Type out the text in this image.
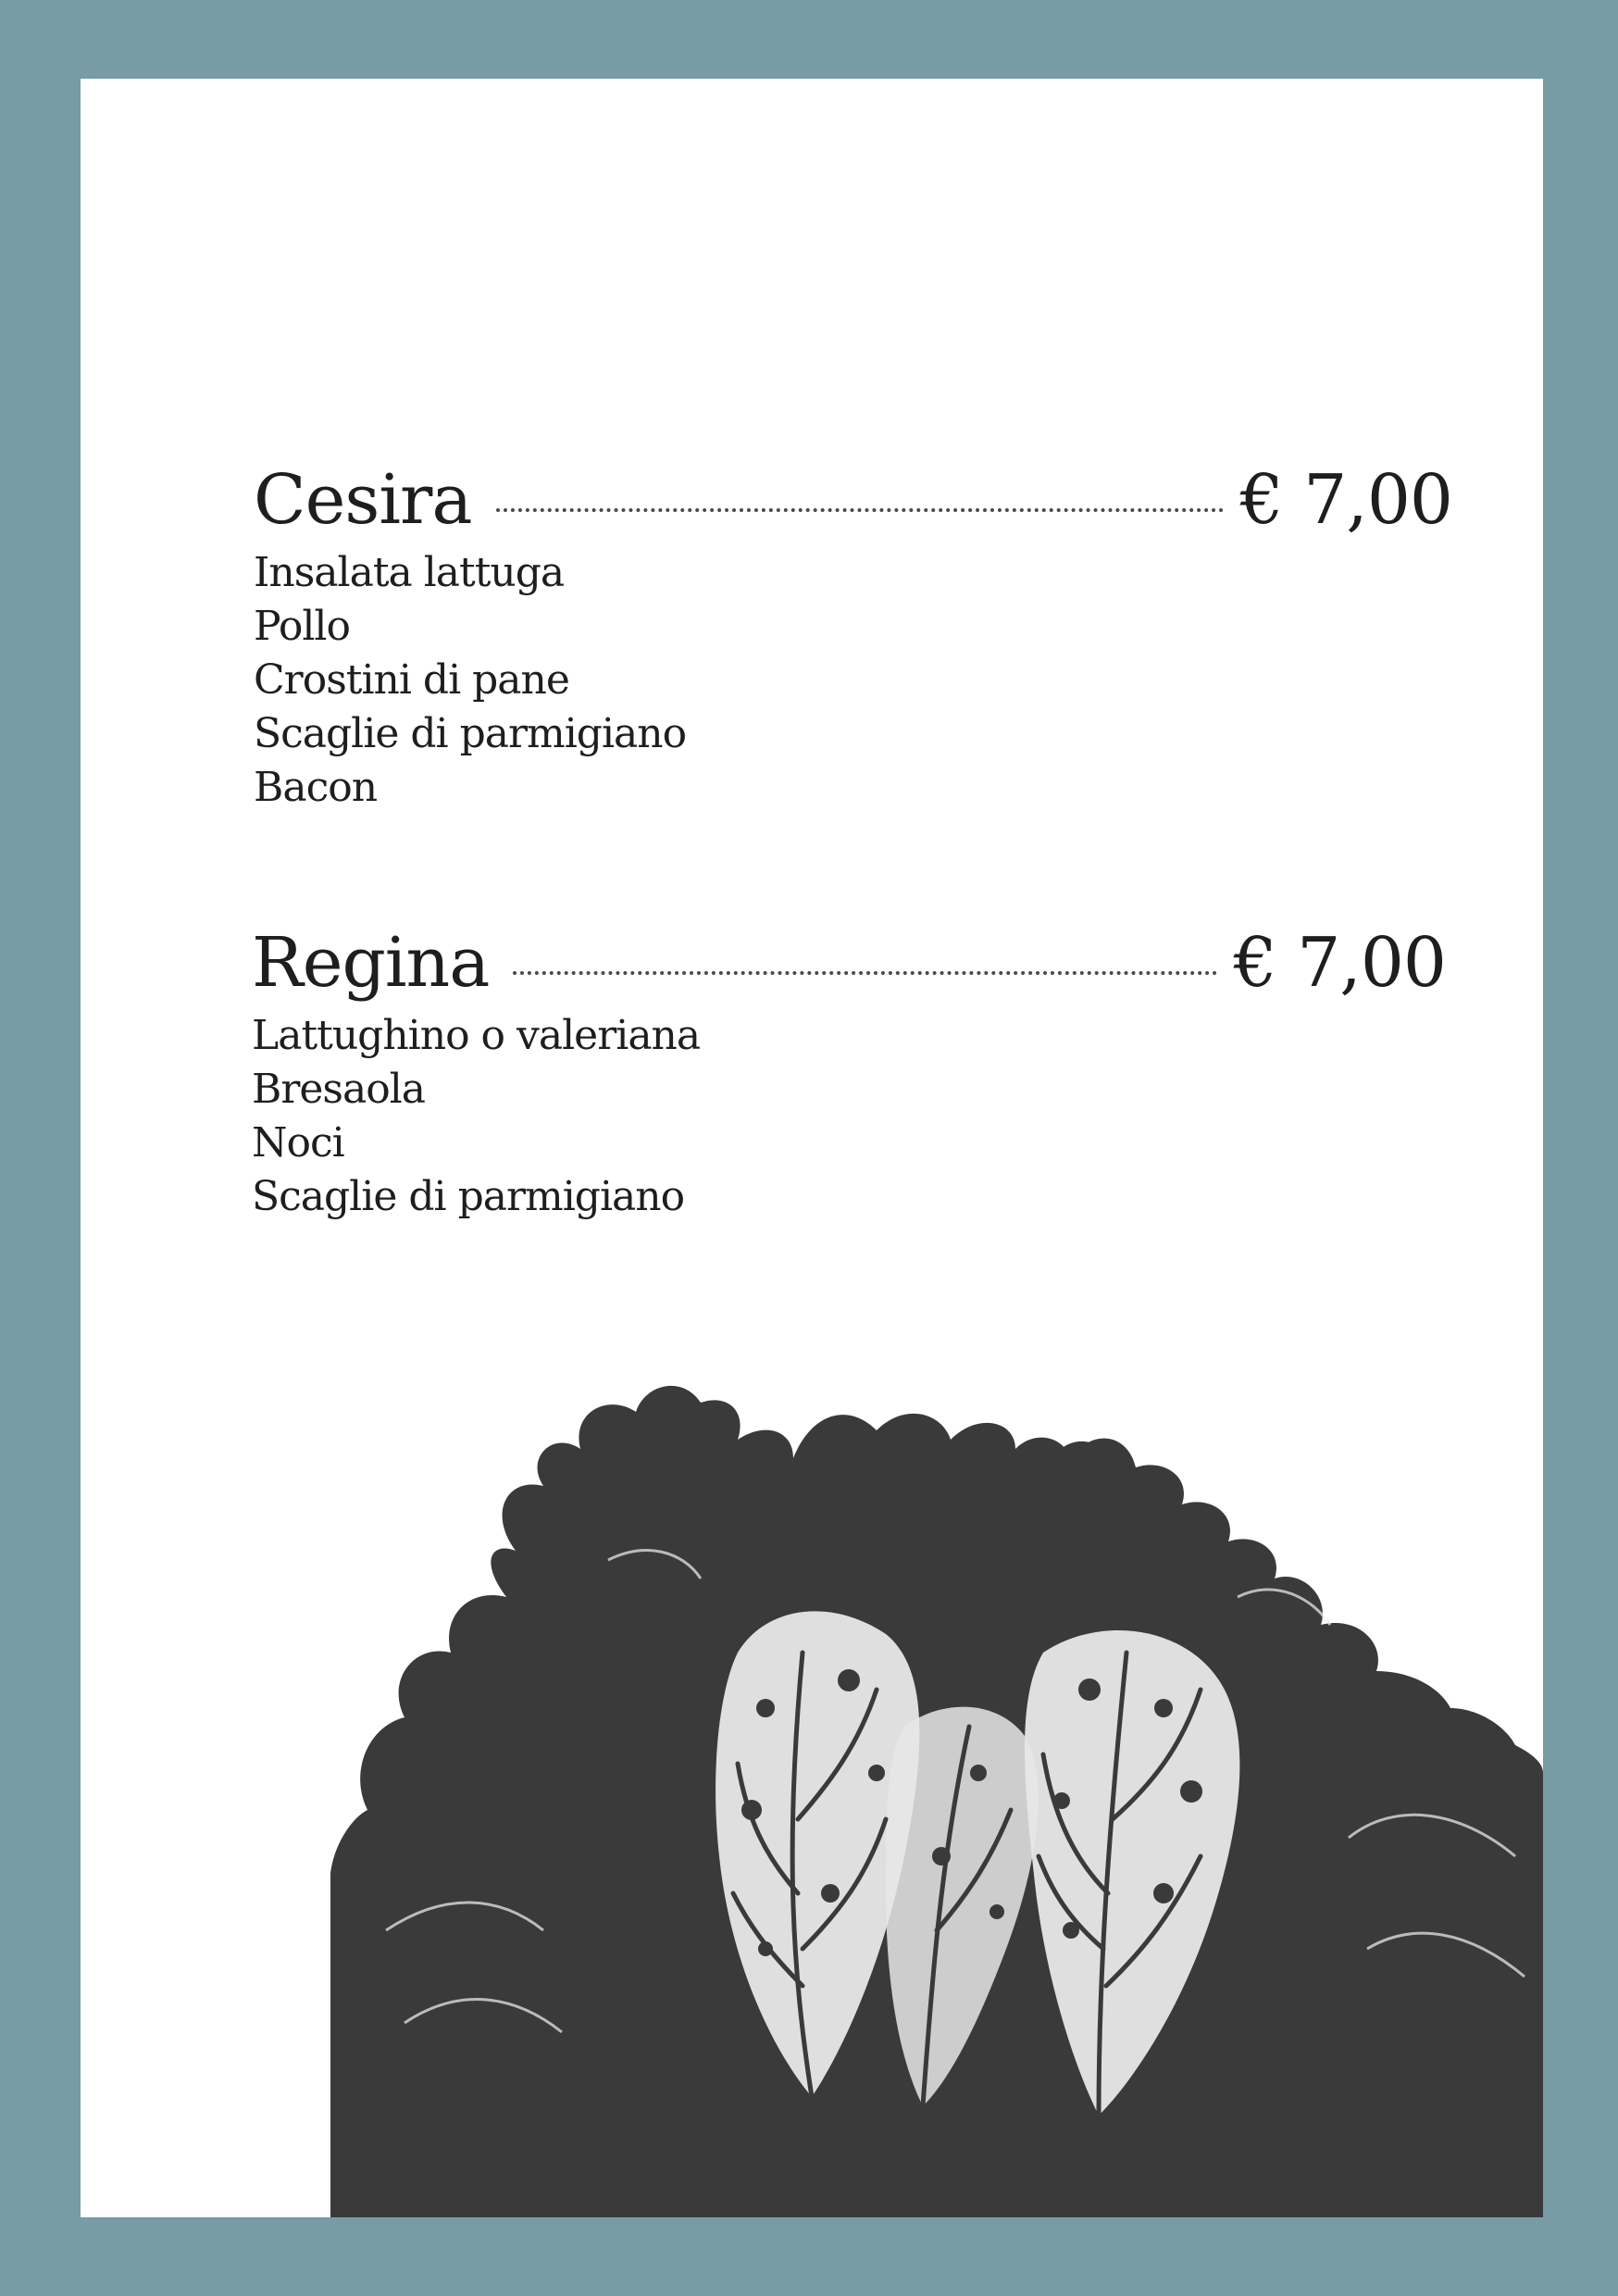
Cesira	€ 7,00
Insalata lattuga
Pollo
Crostini di pane
Scaglie di parmigiano
Bacon
Regina	€ 7,00
Lattughino o valeriana
Bresaola
Noci
Scaglie di parmigiano
